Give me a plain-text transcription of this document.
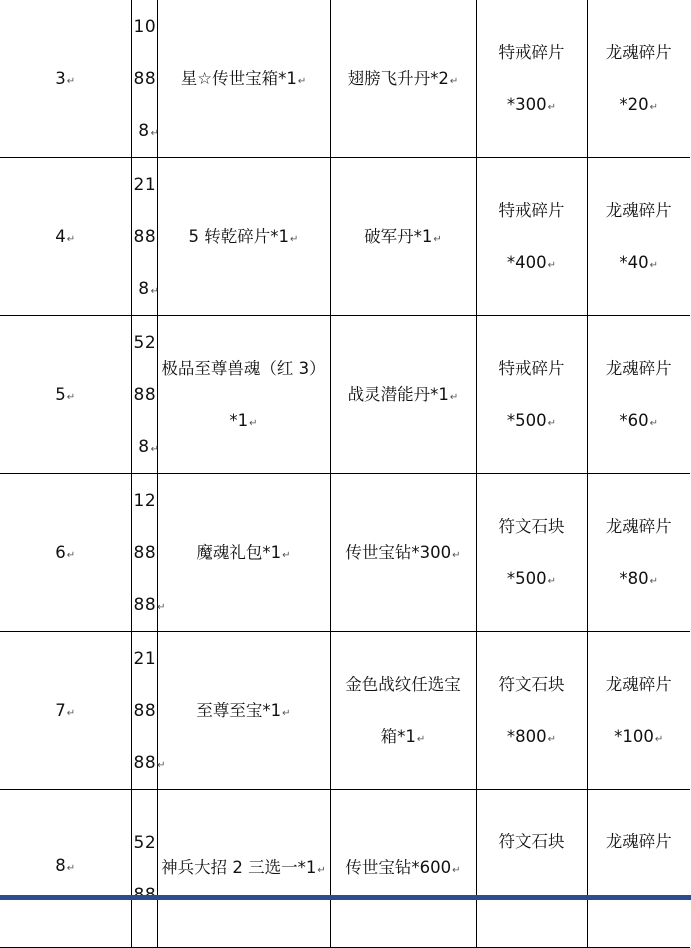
3↵	10
88
8↵	星☆传世宝箱*1↵	翅膀飞升丹*2↵	特戒碎片
*300↵	龙魂碎片
*20↵

4↵	21
88
8↵	5 转乾碎片*1↵	破军丹*1↵	特戒碎片
*400↵	龙魂碎片
*40↵

5↵	52
88
8↵	极品至尊兽魂（红 3）
*1↵	战灵潜能丹*1↵	特戒碎片
*500↵	龙魂碎片
*60↵

6↵	12
88
88↵	魔魂礼包*1↵	传世宝钻*300↵	符文石块
*500↵	龙魂碎片
*80↵

7↵	21
88
88↵	至尊至宝*1↵	金色战纹任选宝
箱*1↵	符文石块
*800↵	龙魂碎片
*100↵

8↵	52	神兵大招 2 三选一*1↵	传世宝钻*600↵	符文石块	龙魂碎片
